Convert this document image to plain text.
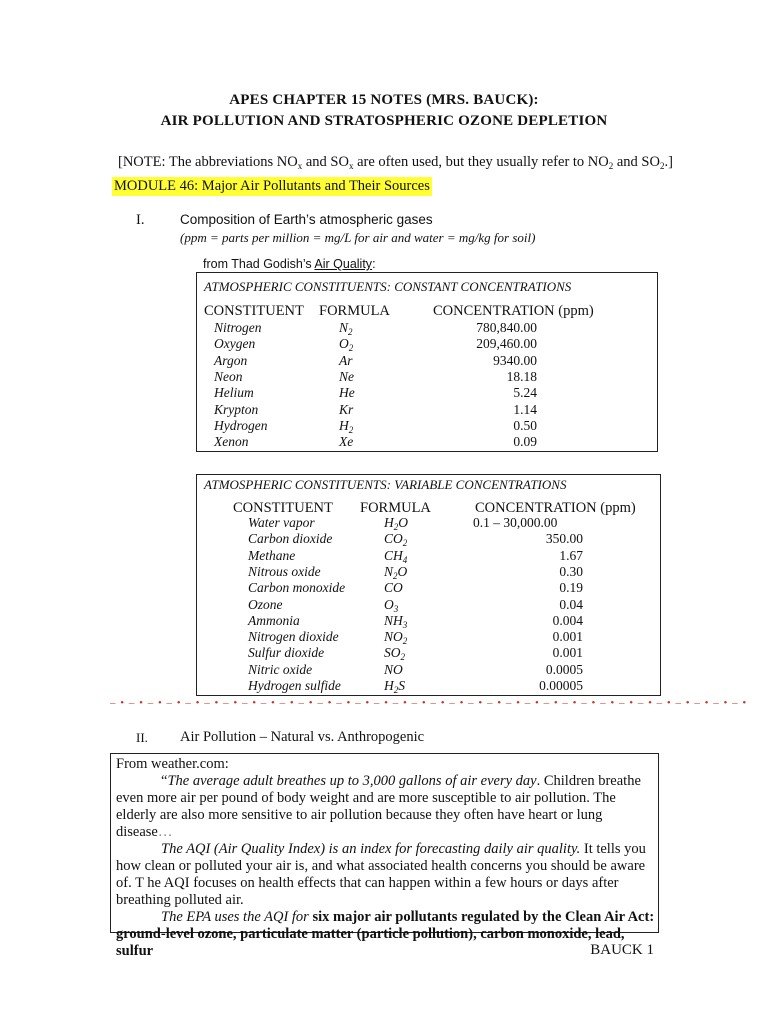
APES CHAPTER 15 NOTES (MRS. BAUCK):
AIR POLLUTION AND STRATOSPHERIC OZONE DEPLETION
[NOTE: The abbreviations $NO_x$ and $SO_x$ are often used, but they usually refer to $NO_2$ and $SO_2$.]
MODULE 46: Major Air Pollutants and Their Sources
I.	Composition of Earth’s atmospheric gases
(ppm = parts per million = mg/L for air and water = mg/kg for soil)
from Thad Godish’s Air Quality:
ATMOSPHERIC CONSTITUENTS: CONSTANT CONCENTRATIONS
CONSTITUENT FORMULA	CONCENTRATION (ppm)
Nitrogen	$N_2$	780,840.00
Oxygen	$O_2$	209,460.00
Argon	Ar	9340.00
Neon	Ne	18.18
Helium	He	5.24
Krypton	Kr	1.14
Hydrogen	$H_2$	0.50
Xenon	Xe	0.09
ATMOSPHERIC CONSTITUENTS: VARIABLE CONCENTRATIONS
CONSTITUENT FORMULA	CONCENTRATION (ppm)
Water vapor	$H_2O$	0.1 – 30,000.00
Carbon dioxide	$CO_2$	350.00
Methane	$CH_4$	1.67
Nitrous oxide	$N_2O$	0.30
Carbon monoxide	CO	0.19
Ozone	$O_3$	0.04
Ammonia	$NH_3$	0.004
Nitrogen dioxide	$NO_2$	0.001
Sulfur dioxide	$SO_2$	0.001
Nitric oxide	NO	0.0005
Hydrogen sulfide	$H_2S$	0.00005
– • – • – • – • – • – • – • – • – • – • – • – • – • – • – • – • – • – • – • – • – • – • – • – • – • – • – • – • – • – • – • – • – • – •
II. Air Pollution – Natural vs. Anthropogenic
From weather.com:
“The average adult breathes up to 3,000 gallons of air every day. Children breathe even more air per pound of body weight and are more susceptible to air pollution. The elderly are also more sensitive to air pollution because they often have heart or lung disease…
The AQI (Air Quality Index) is an index for forecasting daily air quality. It tells you how clean or polluted your air is, and what associated health concerns you should be aware of. T he AQI focuses on health effects that can happen within a few hours or days after breathing polluted air.
The EPA uses the AQI for six major air pollutants regulated by the Clean Air Act: ground-level ozone, particulate matter (particle pollution), carbon monoxide, lead, sulfur	BAUCK 1
